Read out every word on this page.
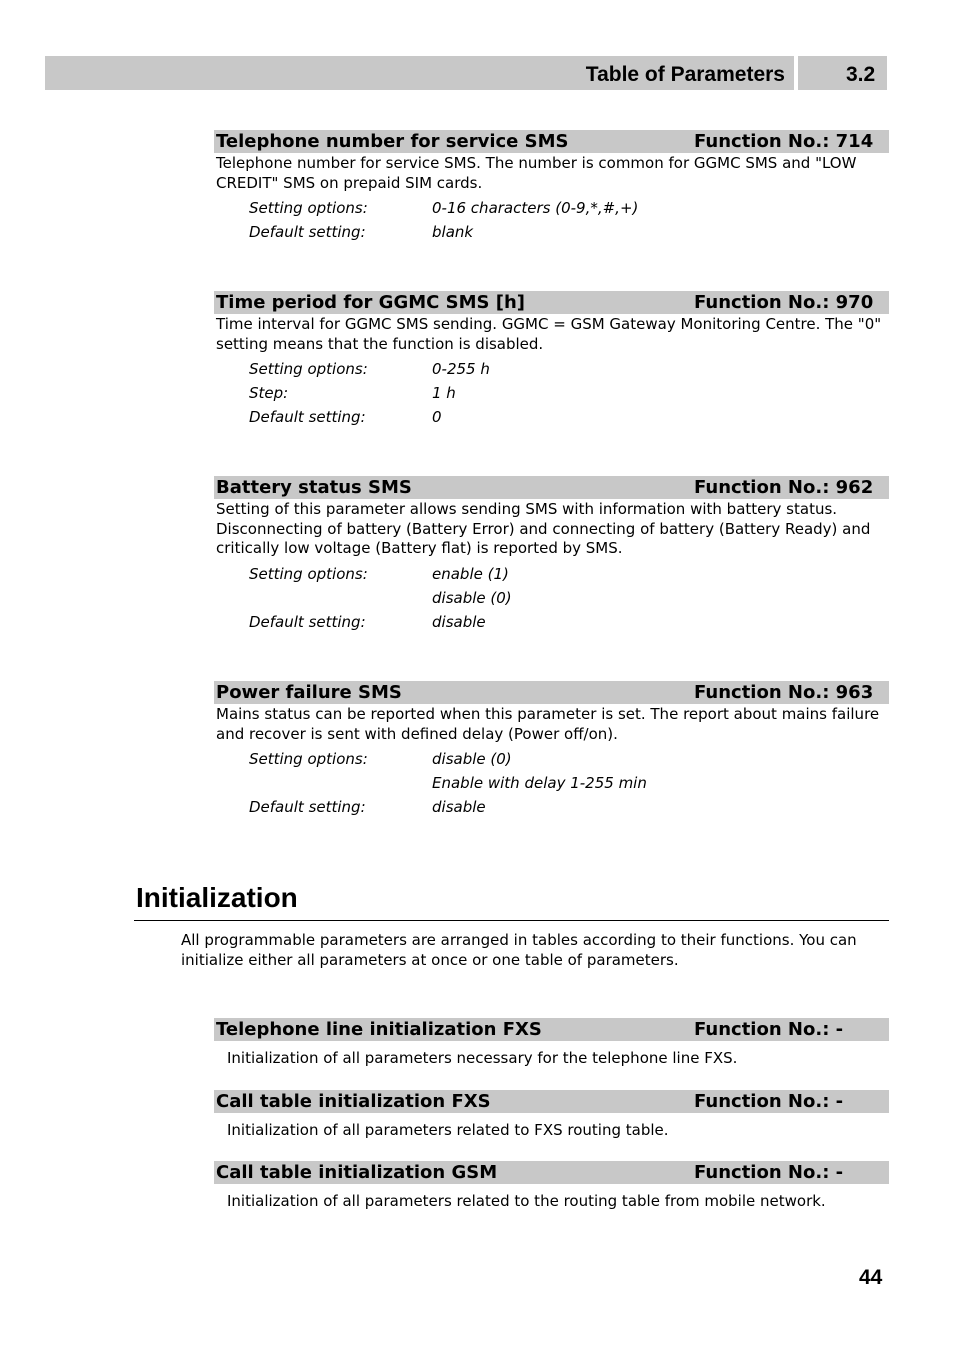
Table of Parameters	3.2
Telephone number for service SMS	Function No.: 714
Telephone number for service SMS. The number is common for GGMC SMS and "LOW CREDIT" SMS on prepaid SIM cards.
Setting options:	0-16 characters (0-9,*,#,+)
Default setting:	blank
Time period for GGMC SMS [h]	Function No.: 970
Time interval for GGMC SMS sending. GGMC = GSM Gateway Monitoring Centre. The "0" setting means that the function is disabled.
Setting options:	0-255 h
Step:	1 h
Default setting:	0
Battery status SMS	Function No.: 962
Setting of this parameter allows sending SMS with information with battery status. Disconnecting of battery (Battery Error) and connecting of battery (Battery Ready) and critically low voltage (Battery flat) is reported by SMS.
Setting options:	enable (1)
disable (0)
Default setting:	disable
Power failure SMS	Function No.: 963
Mains status can be reported when this parameter is set. The report about mains failure and recover is sent with defined delay (Power off/on).
Setting options:	disable (0)
Enable with delay 1-255 min
Default setting:	disable
Initialization
All programmable parameters are arranged in tables according to their functions. You can initialize either all parameters at once or one table of parameters.
Telephone line initialization FXS	Function No.: -
Initialization of all parameters necessary for the telephone line FXS.
Call table initialization FXS	Function No.: -
Initialization of all parameters related to FXS routing table.
Call table initialization GSM	Function No.: -
Initialization of all parameters related to the routing table from mobile network.
44
